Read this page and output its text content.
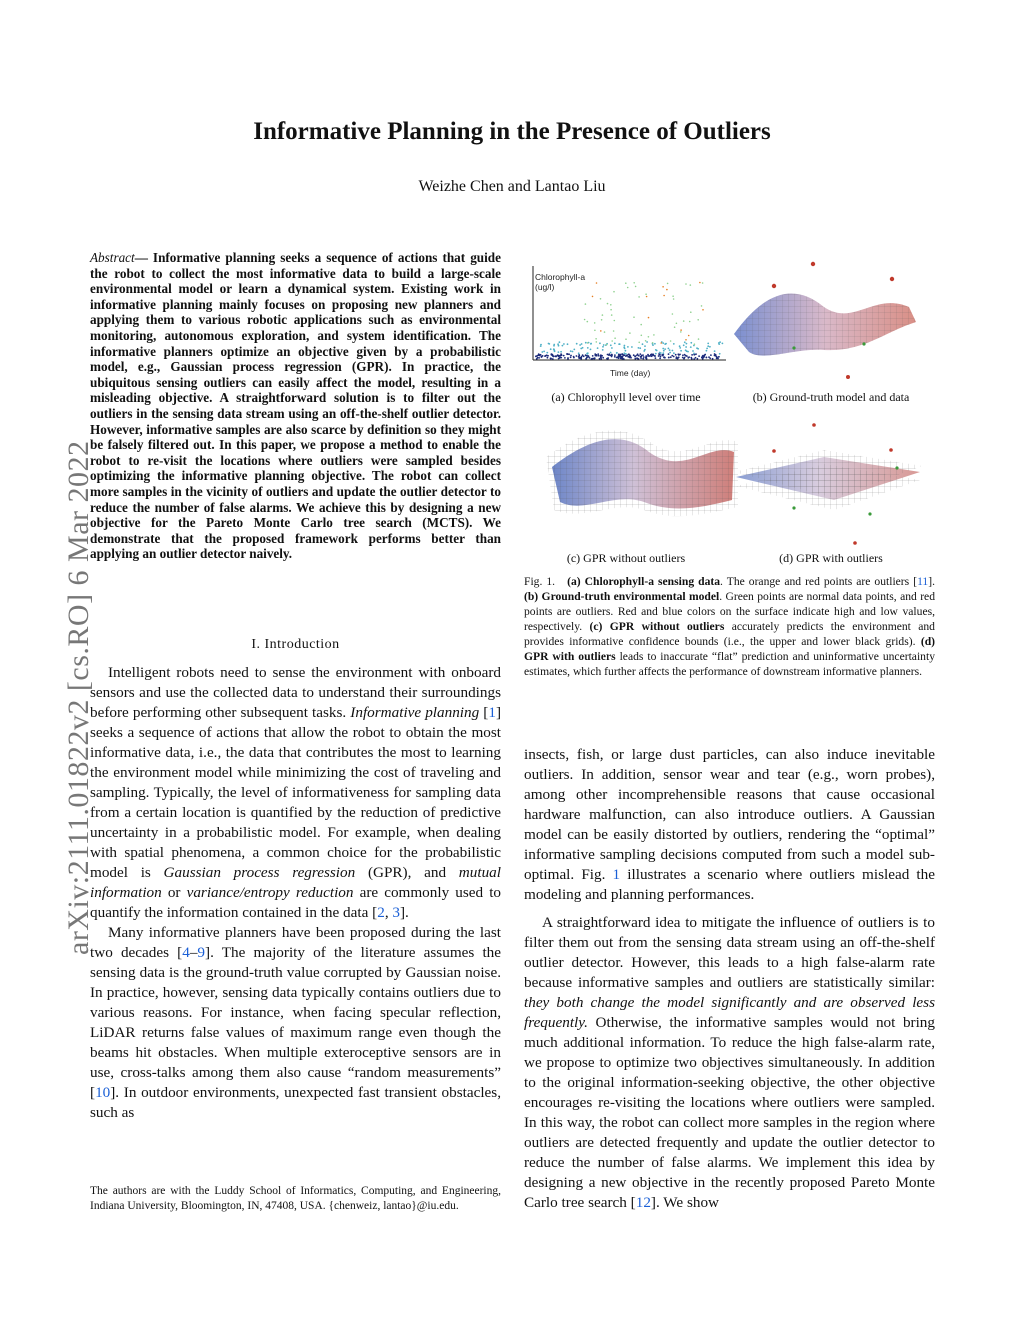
Informative Planning in the Presence of Outliers
Weizhe Chen and Lantao Liu
arXiv:2111.01822v2 [cs.RO] 6 Mar 2022
Abstract— Informative planning seeks a sequence of actions that guide the robot to collect the most informative data to build a large-scale environmental model or learn a dynamical system. Existing work in informative planning mainly focuses on proposing new planners and applying them to various robotic applications such as environmental monitoring, autonomous exploration, and system identification. The informative planners optimize an objective given by a probabilistic model, e.g., Gaussian process regression (GPR). In practice, the ubiquitous sensing outliers can easily affect the model, resulting in a misleading objective. A straightforward solution is to filter out the outliers in the sensing data stream using an off-the-shelf outlier detector. However, informative samples are also scarce by definition so they might be falsely filtered out. In this paper, we propose a method to enable the robot to re-visit the locations where outliers were sampled besides optimizing the informative planning objective. The robot can collect more samples in the vicinity of outliers and update the outlier detector to reduce the number of false alarms. We achieve this by designing a new objective for the Pareto Monte Carlo tree search (MCTS). We demonstrate that the proposed framework performs better than applying an outlier detector naively.
I. Introduction

Intelligent robots need to sense the environment with onboard sensors and use the collected data to understand their surroundings before performing other subsequent tasks. Informative planning [1] seeks a sequence of actions that allow the robot to obtain the most informative data, i.e., the data that contributes the most to learning the environment model while minimizing the cost of traveling and sampling. Typically, the level of informativeness for sampling data from a certain location is quantified by the reduction of predictive uncertainty in a probabilistic model. For example, when dealing with spatial phenomena, a common choice for the probabilistic model is Gaussian process regression (GPR), and mutual information or variance/entropy reduction are commonly used to quantify the information contained in the data [2, 3].

Many informative planners have been proposed during the last two decades [4–9]. The majority of the literature assumes the sensing data is the ground-truth value corrupted by Gaussian noise. In practice, however, sensing data typically contains outliers due to various reasons. For instance, when facing specular reflection, LiDAR returns false values of maximum range even though the beams hit obstacles. When multiple exteroceptive sensors are in use, cross-talks among them also cause “random measurements” [10]. In outdoor environments, unexpected fast transient obstacles, such as

The authors are with the Luddy School of Informatics, Computing, and Engineering, Indiana University, Bloomington, IN, 47408, USA. {chenweiz, lantao}@iu.edu.
Chlorophyll-a
(ug/l)
Time (day)
(a) Chlorophyll level over time	(b) Ground-truth model and data
(c) GPR without outliers	(d) GPR with outliers
Fig. 1. (a) Chlorophyll-a sensing data. The orange and red points are outliers [11]. (b) Ground-truth environmental model. Green points are normal data points, and red points are outliers. Red and blue colors on the surface indicate high and low values, respectively. (c) GPR without outliers accurately predicts the environment and provides informative confidence bounds (i.e., the upper and lower black grids). (d) GPR with outliers leads to inaccurate “flat” prediction and uninformative uncertainty estimates, which further affects the performance of downstream informative planners.

insects, fish, or large dust particles, can also induce inevitable outliers. In addition, sensor wear and tear (e.g., worn probes), among other incomprehensible reasons that cause occasional hardware malfunction, can also introduce outliers. A Gaussian model can be easily distorted by outliers, rendering the “optimal” informative sampling decisions computed from such a model sub-optimal. Fig. 1 illustrates a scenario where outliers mislead the modeling and planning performances.

A straightforward idea to mitigate the influence of outliers is to filter them out from the sensing data stream using an off-the-shelf outlier detector. However, this leads to a high false-alarm rate because informative samples and outliers are statistically similar: they both change the model significantly and are observed less frequently. Otherwise, the informative samples would not bring much additional information. To reduce the high false-alarm rate, we propose to optimize two objectives simultaneously. In addition to the original information-seeking objective, the other objective encourages re-visiting the locations where outliers were sampled. In this way, the robot can collect more samples in the region where outliers are detected frequently and update the outlier detector to reduce the number of false alarms. We implement this idea by designing a new objective in the recently proposed Pareto Monte Carlo tree search [12]. We show
